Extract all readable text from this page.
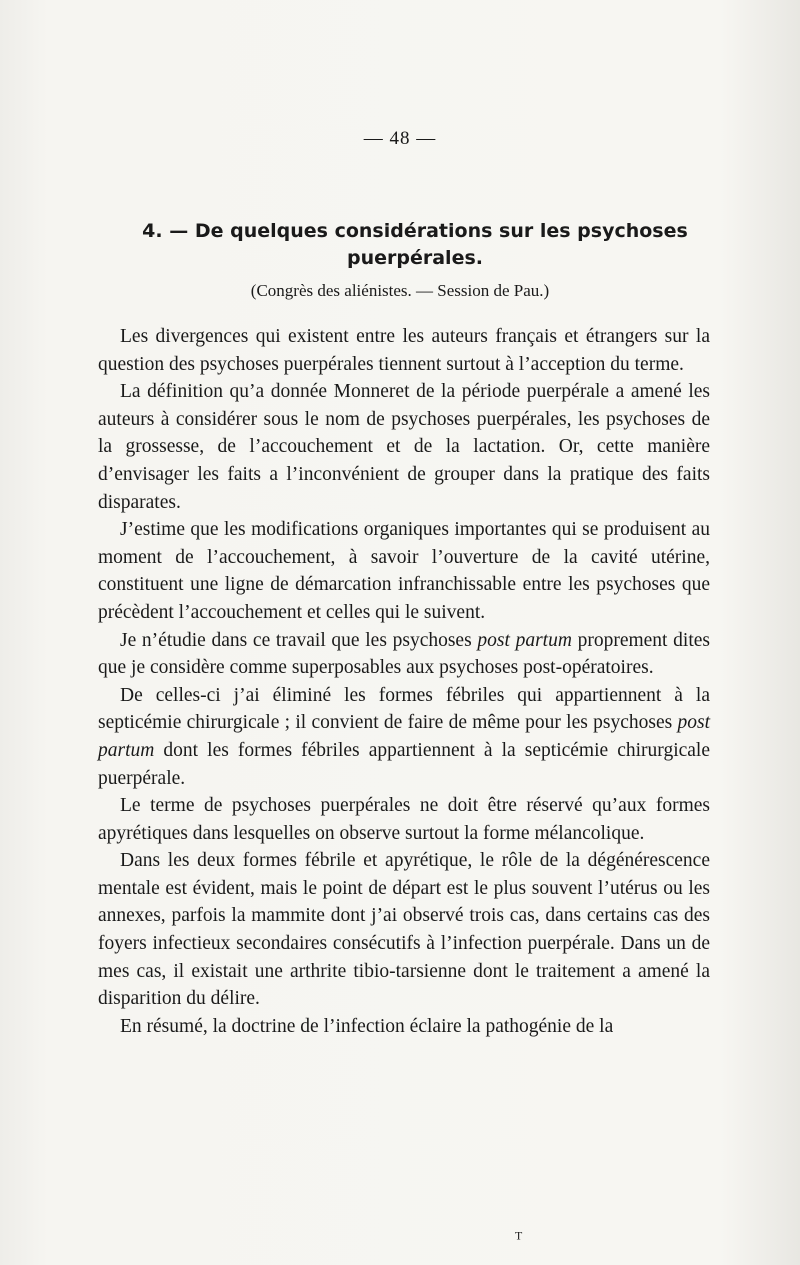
— 48 —
4. — De quelques considérations sur les psychoses puerpérales.
(Congrès des aliénistes. — Session de Pau.)

Les divergences qui existent entre les auteurs français et étrangers sur la question des psychoses puerpérales tiennent surtout à l’acception du terme.

La définition qu’a donnée Monneret de la période puerpérale a amené les auteurs à considérer sous le nom de psychoses puerpérales, les psychoses de la grossesse, de l’accouchement et de la lactation. Or, cette manière d’envisager les faits a l’inconvénient de grouper dans la pratique des faits disparates.

J’estime que les modifications organiques importantes qui se produisent au moment de l’accouchement, à savoir l’ouverture de la cavité utérine, constituent une ligne de démarcation infranchissable entre les psychoses que précèdent l’accouchement et celles qui le suivent.

Je n’étudie dans ce travail que les psychoses post partum proprement dites que je considère comme superposables aux psychoses post-opératoires.

De celles-ci j’ai éliminé les formes fébriles qui appartiennent à la septicémie chirurgicale ; il convient de faire de même pour les psychoses post partum dont les formes fébriles appartiennent à la septicémie chirurgicale puerpérale.

Le terme de psychoses puerpérales ne doit être réservé qu’aux formes apyrétiques dans lesquelles on observe surtout la forme mélancolique.

Dans les deux formes fébrile et apyrétique, le rôle de la dégénérescence mentale est évident, mais le point de départ est le plus souvent l’utérus ou les annexes, parfois la mammite dont j’ai observé trois cas, dans certains cas des foyers infectieux secondaires consécutifs à l’infection puerpérale. Dans un de mes cas, il existait une arthrite tibio-tarsienne dont le traitement a amené la disparition du délire.

En résumé, la doctrine de l’infection éclaire la pathogénie de la

ᵀ
